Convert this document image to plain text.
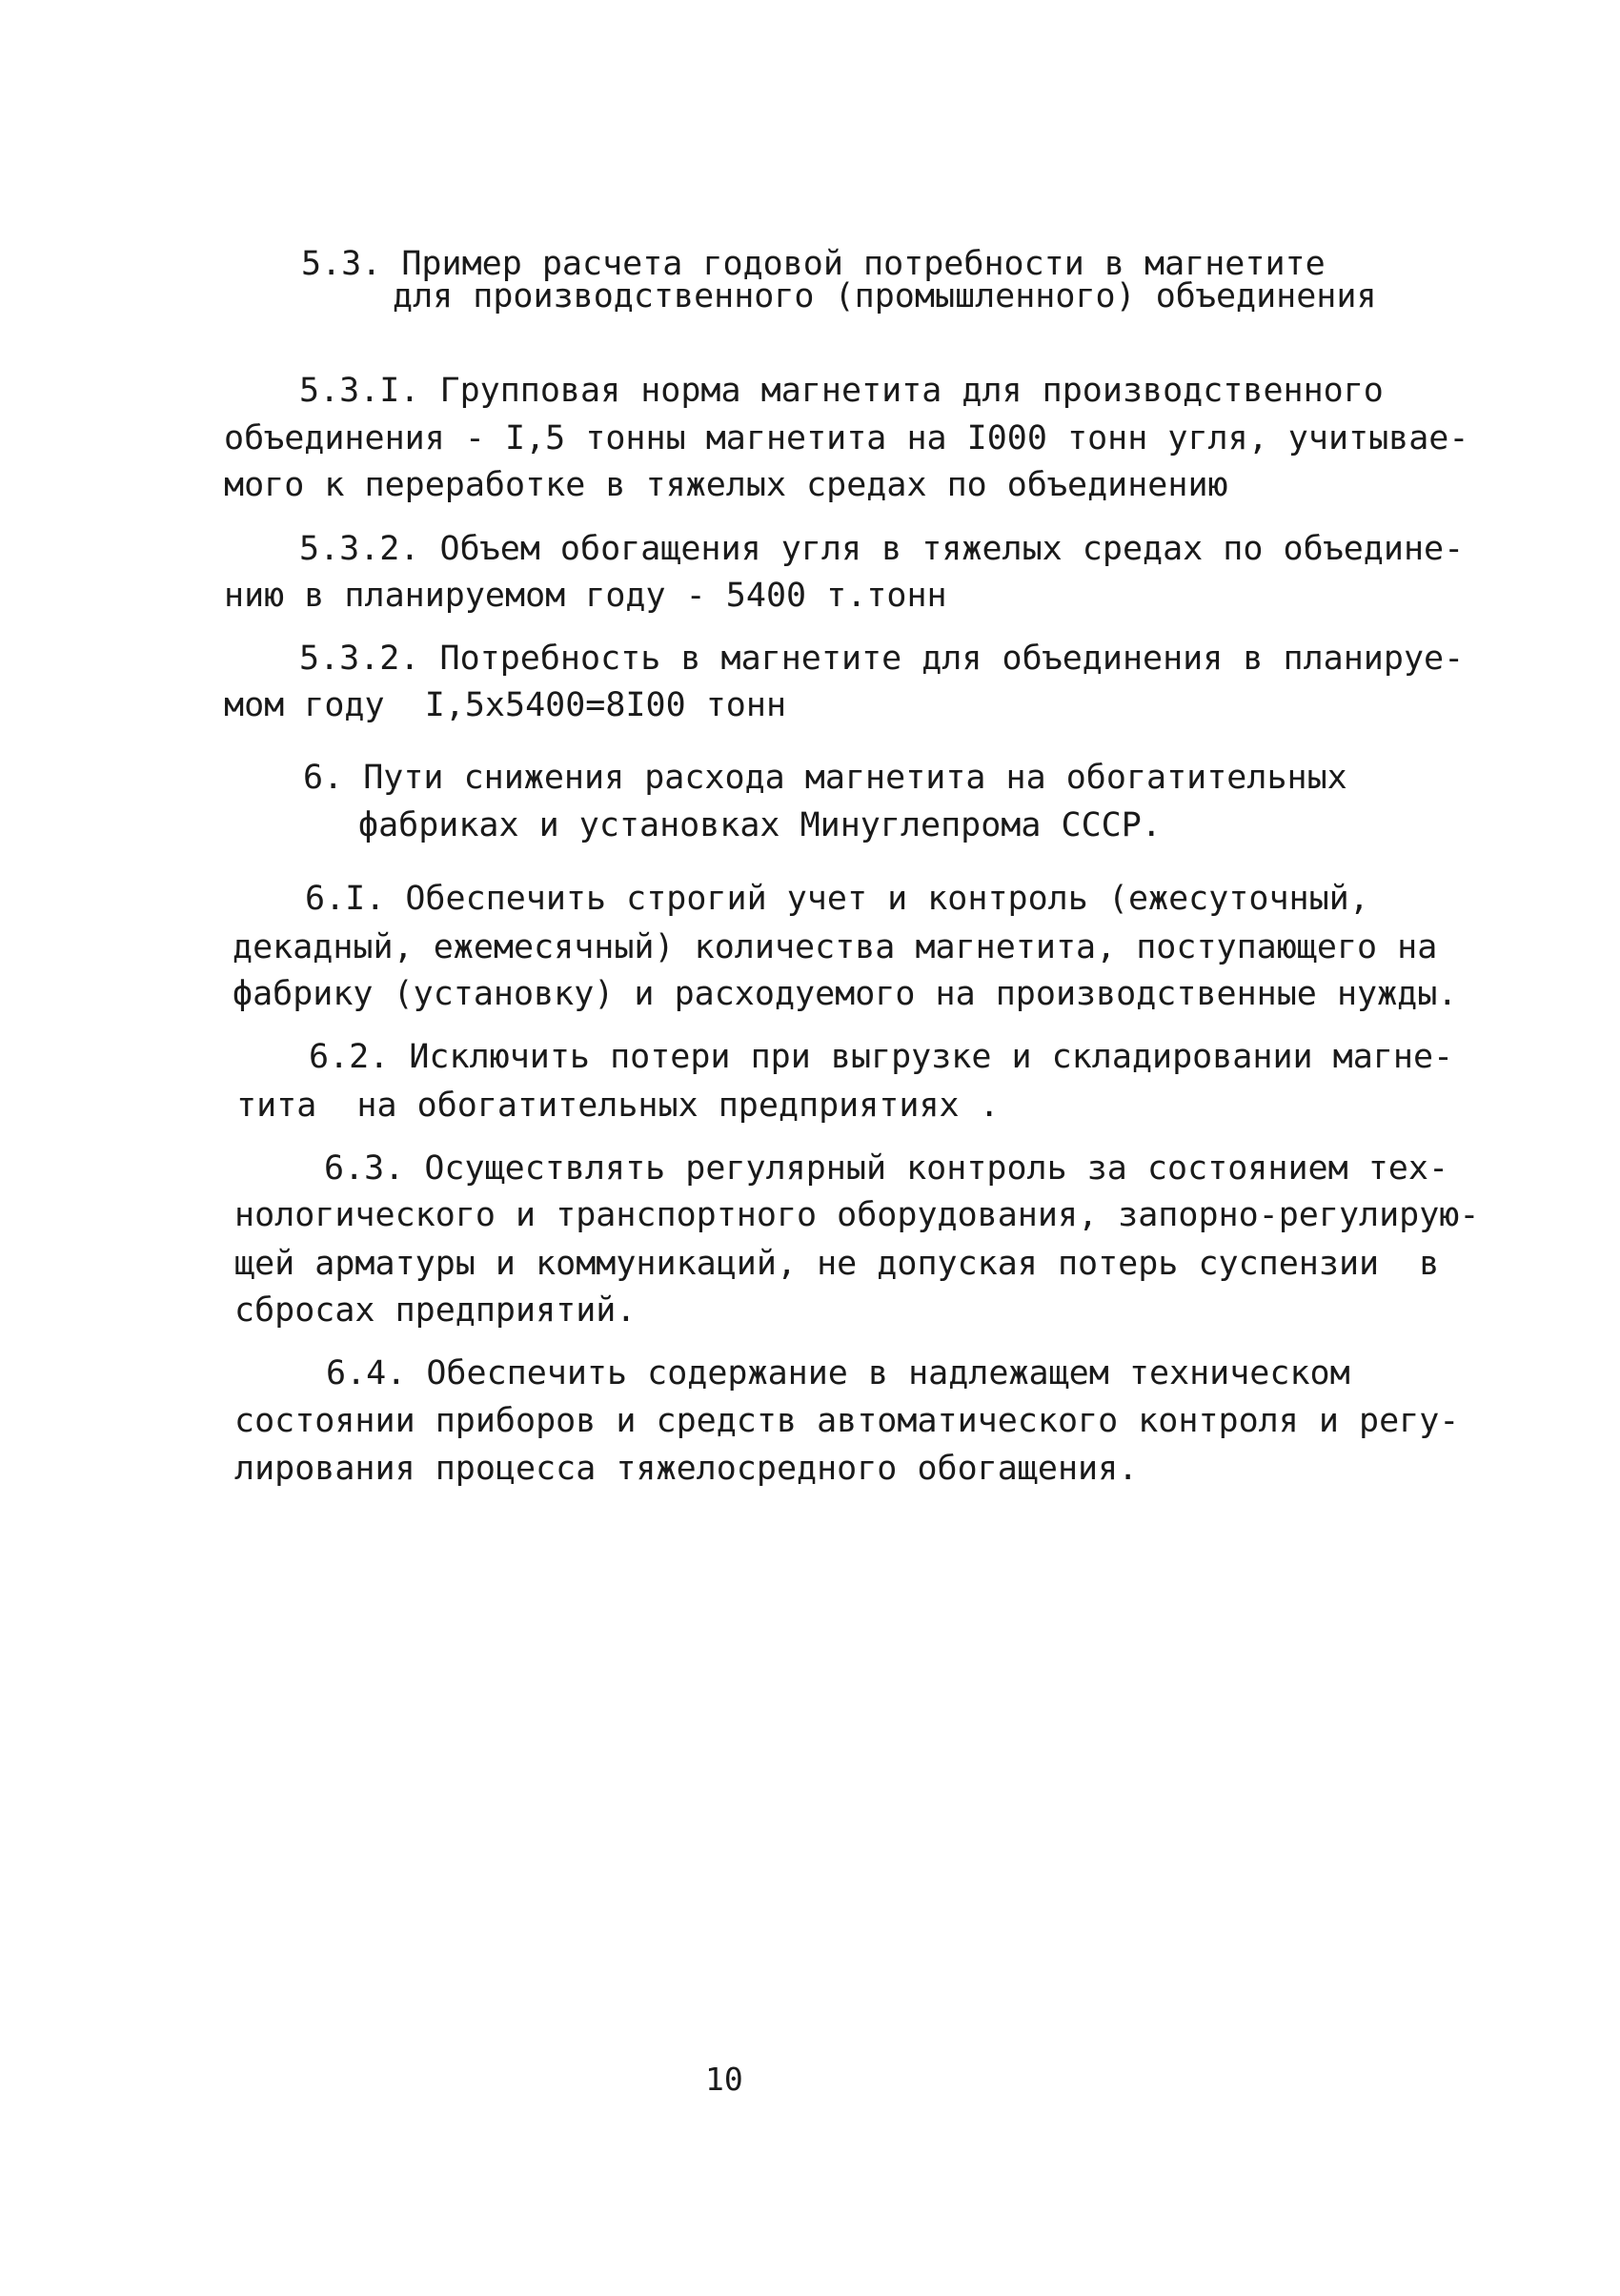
5.3. Пример расчета годовой потребности в магнетите
для производственного (промышленного) объединения
5.3.I. Групповая норма магнетита для производственного
объединения - I,5 тонны магнетита на I000 тонн угля, учитывае-
мого к переработке в тяжелых средах по объединению
5.3.2. Объем обогащения угля в тяжелых средах по объедине-
нию в планируемом году - 5400 т.тонн
5.3.2. Потребность в магнетите для объединения в планируе-
мом году  I,5х5400=8I00 тонн
6. Пути снижения расхода магнетита на обогатительных
фабриках и установках Минуглепрома СССР.
6.I. Обеспечить строгий учет и контроль (ежесуточный,
декадный, ежемесячный) количества магнетита, поступающего на
фабрику (установку) и расходуемого на производственные нужды.
6.2. Исключить потери при выгрузке и складировании магне-
тита  на обогатительных предприятиях .
6.3. Осуществлять регулярный контроль за состоянием тех-
нологического и транспортного оборудования, запорно-регулирую-
щей арматуры и коммуникаций, не допуская потерь суспензии  в
сбросах предприятий.
6.4. Обеспечить содержание в надлежащем техническом
состоянии приборов и средств автоматического контроля и регу-
лирования процесса тяжелосредного обогащения.
10
